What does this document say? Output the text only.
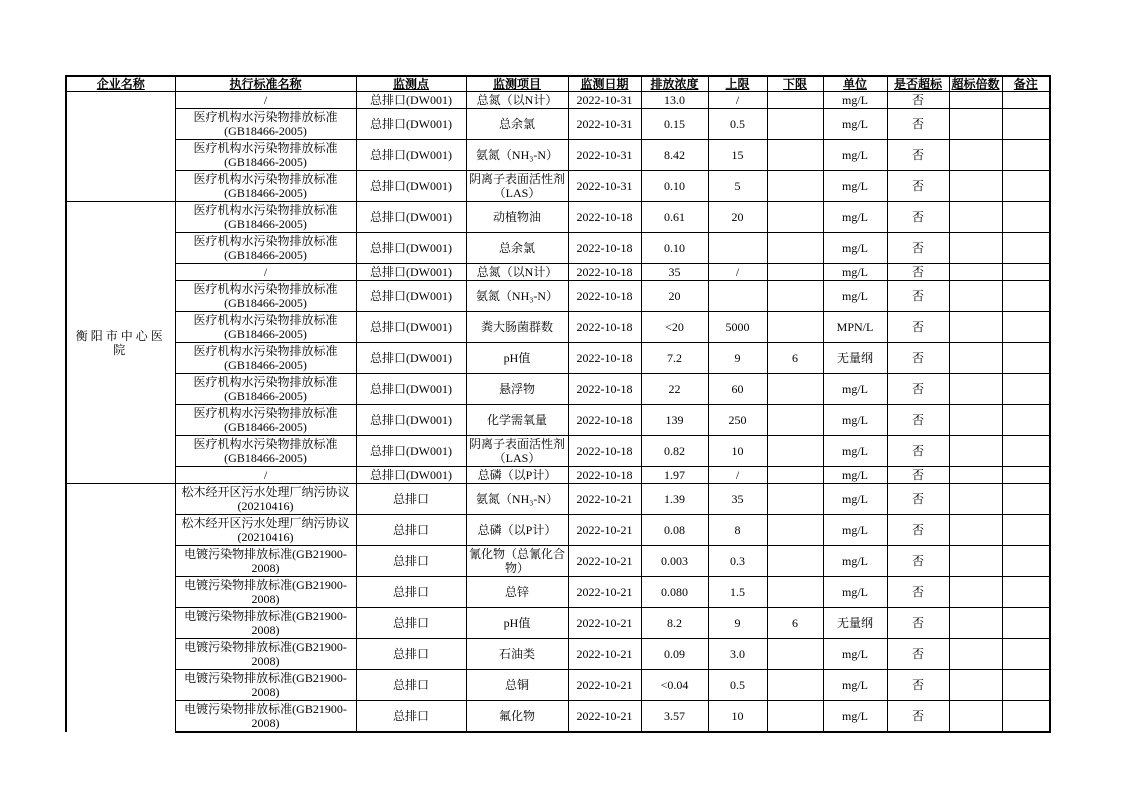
企业名称	执行标准名称	监测点	监测项目	监测日期	排放浓度	上限	下限	单位	是否超标	超标倍数	备注
	/	总排口(DW001)	总氮（以N计）	2022-10-31	13.0	/		mg/L	否		
	医疗机构水污染物排放标准(GB18466-2005)	总排口(DW001)	总余氯	2022-10-31	0.15	0.5		mg/L	否		
	医疗机构水污染物排放标准(GB18466-2005)	总排口(DW001)	氨氮（NH₃-N）	2022-10-31	8.42	15		mg/L	否		
	医疗机构水污染物排放标准(GB18466-2005)	总排口(DW001)	阴离子表面活性剂（LAS）	2022-10-31	0.10	5		mg/L	否		
衡阳市中心医院	医疗机构水污染物排放标准(GB18466-2005)	总排口(DW001)	动植物油	2022-10-18	0.61	20		mg/L	否		
	医疗机构水污染物排放标准(GB18466-2005)	总排口(DW001)	总余氯	2022-10-18	0.10			mg/L	否		
	/	总排口(DW001)	总氮（以N计）	2022-10-18	35	/		mg/L	否		
	医疗机构水污染物排放标准(GB18466-2005)	总排口(DW001)	氨氮（NH₃-N）	2022-10-18	20			mg/L	否		
	医疗机构水污染物排放标准(GB18466-2005)	总排口(DW001)	粪大肠菌群数	2022-10-18	<20	5000		MPN/L	否		
	医疗机构水污染物排放标准(GB18466-2005)	总排口(DW001)	pH值	2022-10-18	7.2	9	6	无量纲	否		
	医疗机构水污染物排放标准(GB18466-2005)	总排口(DW001)	悬浮物	2022-10-18	22	60		mg/L	否		
	医疗机构水污染物排放标准(GB18466-2005)	总排口(DW001)	化学需氧量	2022-10-18	139	250		mg/L	否		
	医疗机构水污染物排放标准(GB18466-2005)	总排口(DW001)	阴离子表面活性剂（LAS）	2022-10-18	0.82	10		mg/L	否		
	/	总排口(DW001)	总磷（以P计）	2022-10-18	1.97	/		mg/L	否		
	松木经开区污水处理厂纳污协议(20210416)	总排口	氨氮（NH₃-N）	2022-10-21	1.39	35		mg/L	否		
	松木经开区污水处理厂纳污协议(20210416)	总排口	总磷（以P计）	2022-10-21	0.08	8		mg/L	否		
	电镀污染物排放标准(GB21900-2008)	总排口	氰化物（总氰化合物）	2022-10-21	0.003	0.3		mg/L	否		
	电镀污染物排放标准(GB21900-2008)	总排口	总锌	2022-10-21	0.080	1.5		mg/L	否		
	电镀污染物排放标准(GB21900-2008)	总排口	pH值	2022-10-21	8.2	9	6	无量纲	否		
	电镀污染物排放标准(GB21900-2008)	总排口	石油类	2022-10-21	0.09	3.0		mg/L	否		
	电镀污染物排放标准(GB21900-2008)	总排口	总铜	2022-10-21	<0.04	0.5		mg/L	否		
	电镀污染物排放标准(GB21900-2008)	总排口	氟化物	2022-10-21	3.57	10		mg/L	否		
